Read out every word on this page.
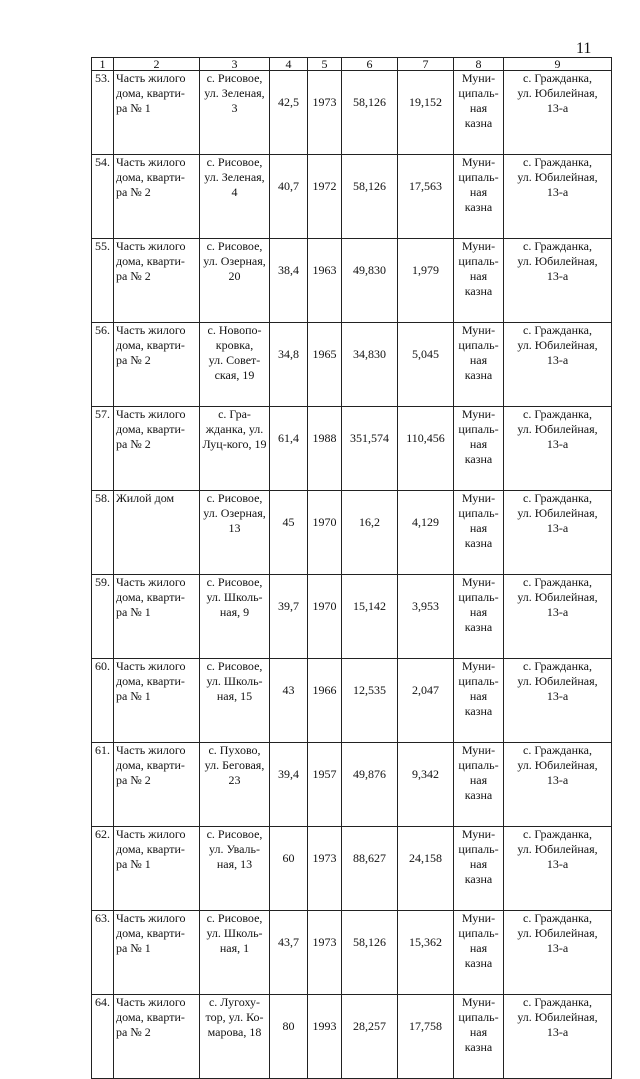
11
1	2	3	4	5	6	7	8	9
53.	Часть жилого
дома, кварти-
ра № 1	с. Рисовое,
ул. Зеленая,
3	42,5	1973	58,126	19,152	Муни-
ципаль-
ная
казна	с. Гражданка,
ул. Юбилейная,
13-а
54.	Часть жилого
дома, кварти-
ра № 2	с. Рисовое,
ул. Зеленая,
4	40,7	1972	58,126	17,563	Муни-
ципаль-
ная
казна	с. Гражданка,
ул. Юбилейная,
13-а
55.	Часть жилого
дома, кварти-
ра № 2	с. Рисовое,
ул. Озерная,
20	38,4	1963	49,830	1,979	Муни-
ципаль-
ная
казна	с. Гражданка,
ул. Юбилейная,
13-а
56.	Часть жилого
дома, кварти-
ра № 2	с. Новопо-
кровка,
ул. Совет-
ская, 19	34,8	1965	34,830	5,045	Муни-
ципаль-
ная
казна	с. Гражданка,
ул. Юбилейная,
13-а
57.	Часть жилого
дома, кварти-
ра № 2	с. Гра-
жданка, ул.
Луц-кого, 19	61,4	1988	351,574	110,456	Муни-
ципаль-
ная
казна	с. Гражданка,
ул. Юбилейная,
13-а
58.	Жилой дом	с. Рисовое,
ул. Озерная,
13	45	1970	16,2	4,129	Муни-
ципаль-
ная
казна	с. Гражданка,
ул. Юбилейная,
13-а
59.	Часть жилого
дома, кварти-
ра № 1	с. Рисовое,
ул. Школь-
ная, 9	39,7	1970	15,142	3,953	Муни-
ципаль-
ная
казна	с. Гражданка,
ул. Юбилейная,
13-а
60.	Часть жилого
дома, кварти-
ра № 1	с. Рисовое,
ул. Школь-
ная, 15	43	1966	12,535	2,047	Муни-
ципаль-
ная
казна	с. Гражданка,
ул. Юбилейная,
13-а
61.	Часть жилого
дома, кварти-
ра № 2	с. Пухово,
ул. Беговая,
23	39,4	1957	49,876	9,342	Муни-
ципаль-
ная
казна	с. Гражданка,
ул. Юбилейная,
13-а
62.	Часть жилого
дома, кварти-
ра № 1	с. Рисовое,
ул. Уваль-
ная, 13	60	1973	88,627	24,158	Муни-
ципаль-
ная
казна	с. Гражданка,
ул. Юбилейная,
13-а
63.	Часть жилого
дома, кварти-
ра № 1	с. Рисовое,
ул. Школь-
ная, 1	43,7	1973	58,126	15,362	Муни-
ципаль-
ная
казна	с. Гражданка,
ул. Юбилейная,
13-а
64.	Часть жилого
дома, кварти-
ра № 2	с. Лугоху-
тор, ул. Ко-
марова, 18	80	1993	28,257	17,758	Муни-
ципаль-
ная
казна	с. Гражданка,
ул. Юбилейная,
13-а
